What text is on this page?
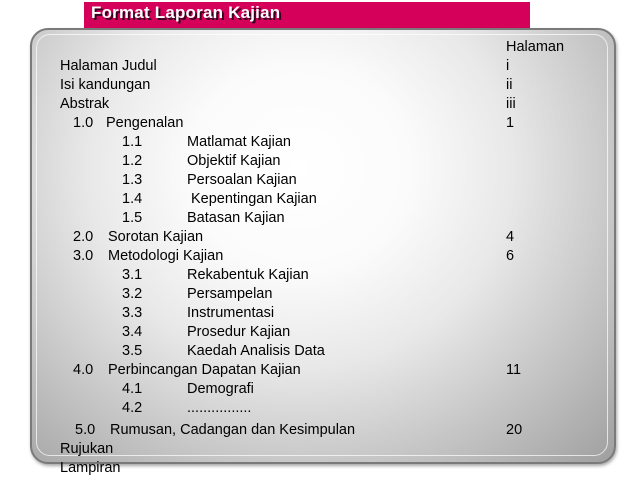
Format Laporan Kajian
Halaman
Halaman Judul	i
Isi kandungan	ii
Abstrak	iii
1.0 Pengenalan	1
1.1	Matlamat Kajian
1.2	Objektif Kajian
1.3	Persoalan Kajian
1.4	Kepentingan Kajian
1.5	Batasan Kajian
2.0 Sorotan Kajian	4
3.0 Metodologi Kajian	6
3.1	Rekabentuk Kajian
3.2	Persampelan
3.3	Instrumentasi
3.4	Prosedur Kajian
3.5	Kaedah Analisis Data
4.0 Perbincangan Dapatan Kajian	11
4.1	Demografi
4.2	................
5.0 Rumusan, Cadangan dan Kesimpulan	20
Rujukan
Lampiran
